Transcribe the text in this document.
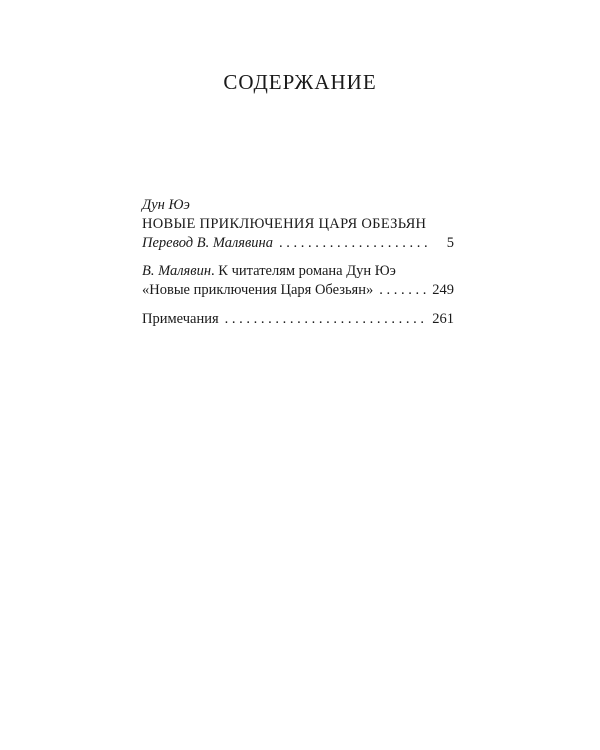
СОДЕРЖАНИЕ
Дун Юэ
НОВЫЕ ПРИКЛЮЧЕНИЯ ЦАРЯ ОБЕЗЬЯН
Перевод В. Малявина . . .	5
В. Малявин . К читателям романа Дун Юэ
«Новые приключения Царя Обезьян» . . .	249
Примечания . . .	261
